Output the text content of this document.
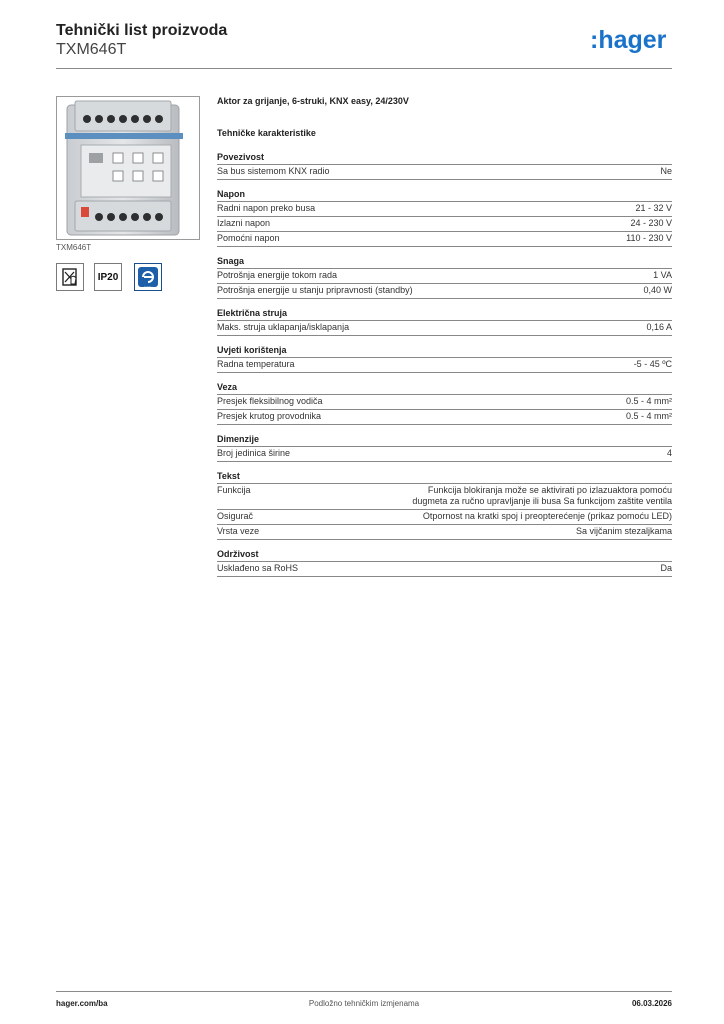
Tehnički list proizvoda
TXM646T	:hager
TXM646T
IP20
easy
Aktor za grijanje, 6-struki, KNX easy, 24/230V
Tehničke karakteristike
Povezivost
Sa bus sistemom KNX radio	Ne
Napon
Radni napon preko busa	21 - 32 V
Izlazni napon	24 - 230 V
Pomoćni napon	110 - 230 V
Snaga
Potrošnja energije tokom rada	1 VA
Potrošnja energije u stanju pripravnosti (standby)	0,40 W
Električna struja
Maks. struja uklapanja/isklapanja	0,16 A
Uvjeti korištenja
Radna temperatura	-5 - 45 ºC
Veza
Presjek fleksibilnog vodiča	0.5 - 4 mm²
Presjek krutog provodnika	0.5 - 4 mm²
Dimenzije
Broj jedinica širine	4
Tekst
Funkcija	Funkcija blokiranja može se aktivirati po izlazuaktora pomoću dugmeta za ručno upravljanje ili busa Sa funkcijom zaštite ventila
Osigurač	Otpornost na kratki spoj i preopterećenje (prikaz pomoću LED)
Vrsta veze	Sa vijčanim stezaljkama
Održivost
Usklađeno sa RoHS	Da
hager.com/ba	Podložno tehničkim izmjenama	06.03.2026
